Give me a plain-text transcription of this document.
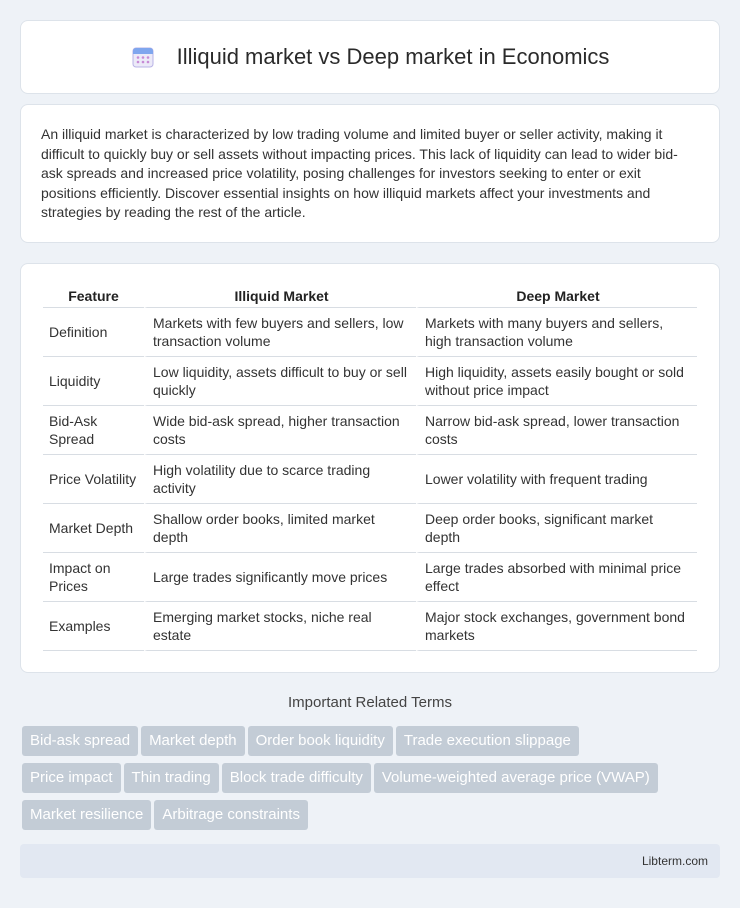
Illiquid market vs Deep market in Economics

An illiquid market is characterized by low trading volume and limited buyer or seller activity, making it difficult to quickly buy or sell assets without impacting prices. This lack of liquidity can lead to wider bid-ask spreads and increased price volatility, posing challenges for investors seeking to enter or exit positions efficiently. Discover essential insights on how illiquid markets affect your investments and strategies by reading the rest of the article.

Feature	Illiquid Market	Deep Market
Definition	Markets with few buyers and sellers, low transaction volume	Markets with many buyers and sellers, high transaction volume
Liquidity	Low liquidity, assets difficult to buy or sell quickly	High liquidity, assets easily bought or sold without price impact
Bid-Ask Spread	Wide bid-ask spread, higher transaction costs	Narrow bid-ask spread, lower transaction costs
Price Volatility	High volatility due to scarce trading activity	Lower volatility with frequent trading
Market Depth	Shallow order books, limited market depth	Deep order books, significant market depth
Impact on Prices	Large trades significantly move prices	Large trades absorbed with minimal price effect
Examples	Emerging market stocks, niche real estate	Major stock exchanges, government bond markets
Important Related Terms
Bid-ask spread Market depth Order book liquidity Trade execution slippage
Price impact Thin trading Block trade difficulty Volume-weighted average price (VWAP)
Market resilience Arbitrage constraints
Libterm.com
